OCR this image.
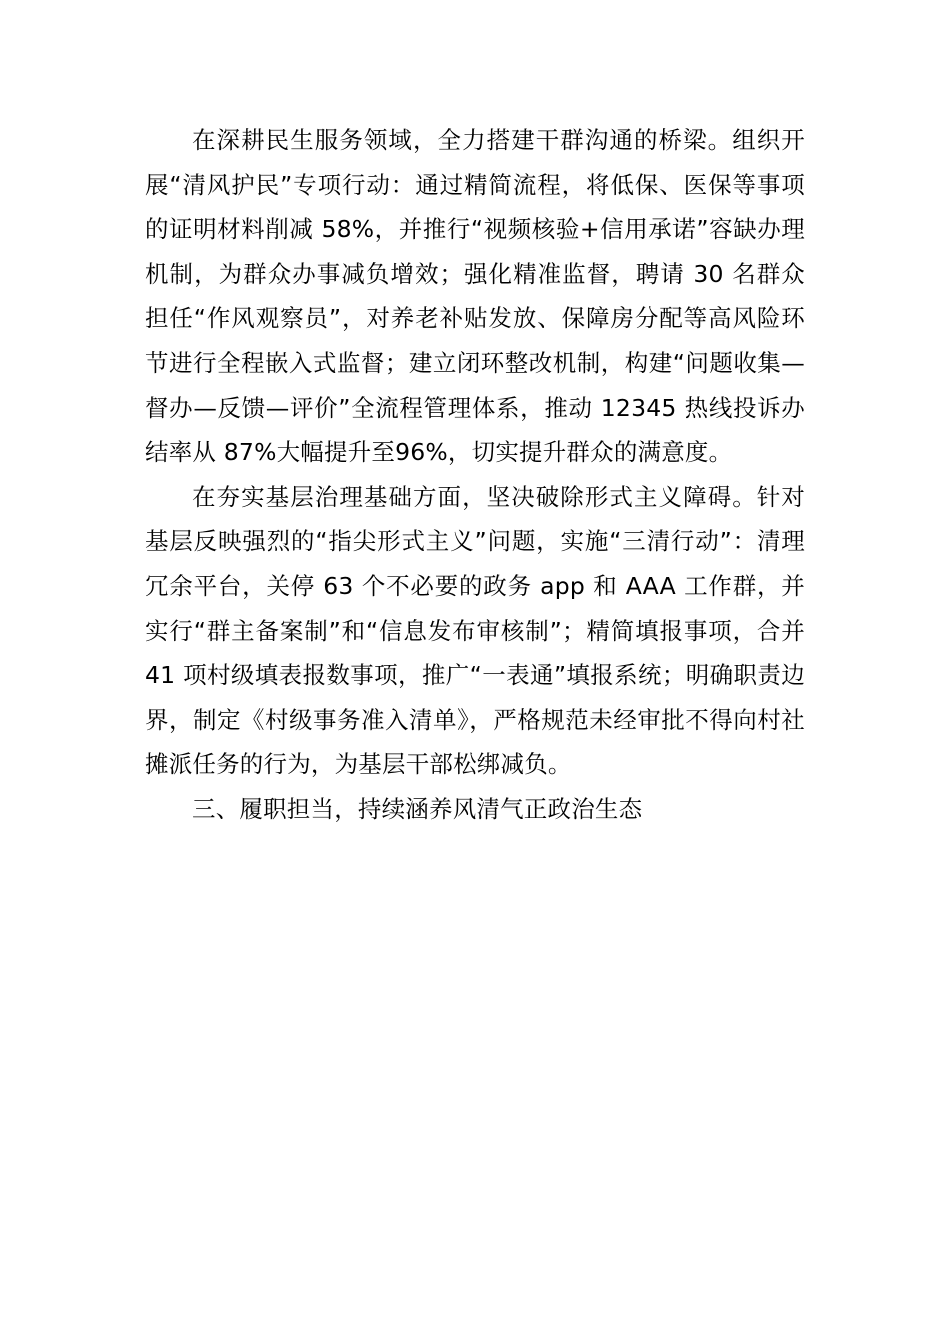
在深耕民生服务领域，全力搭建干群沟通的桥梁。组织开展“清风护民”专项行动：通过精简流程，将低保、医保等事项的证明材料削减 58%，并推行“视频核验+信用承诺”容缺办理机制，为群众办事减负增效；强化精准监督，聘请 30 名群众担任“作风观察员”，对养老补贴发放、保障房分配等高风险环节进行全程嵌入式监督；建立闭环整改机制，构建“问题收集—督办—反馈—评价”全流程管理体系，推动 12345 热线投诉办结率从 87%大幅提升至96%，切实提升群众的满意度。

在夯实基层治理基础方面，坚决破除形式主义障碍。针对基层反映强烈的“指尖形式主义”问题，实施“三清行动”：清理冗余平台，关停 63 个不必要的政务 app 和 AAA 工作群，并实行“群主备案制”和“信息发布审核制”；精简填报事项，合并 41 项村级填表报数事项，推广“一表通”填报系统；明确职责边界，制定《村级事务准入清单》，严格规范未经审批不得向村社摊派任务的行为，为基层干部松绑减负。

三、履职担当，持续涵养风清气正政治生态
